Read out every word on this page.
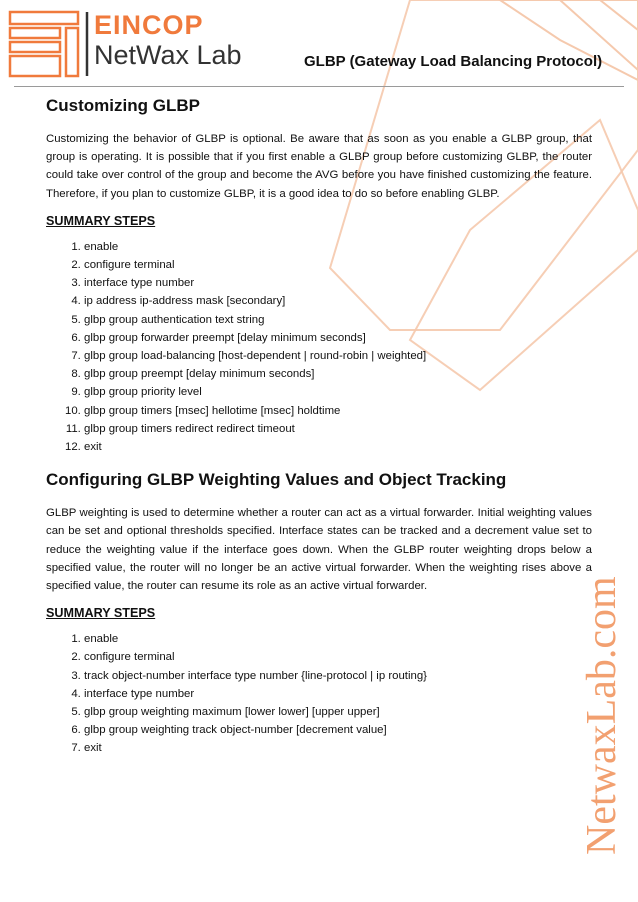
EINCOP
NetWax Lab	GLBP (Gateway Load Balancing Protocol)
NetwaxLab.com
Customizing GLBP

Customizing the behavior of GLBP is optional. Be aware that as soon as you enable a GLBP group, that group is operating. It is possible that if you first enable a GLBP group before customizing GLBP, the router could take over control of the group and become the AVG before you have finished customizing the feature. Therefore, if you plan to customize GLBP, it is a good idea to do so before enabling GLBP.

SUMMARY STEPS
1. enable
2. configure terminal
3. interface type number
4. ip address ip-address mask [secondary]
5. glbp group authentication text string
6. glbp group forwarder preempt [delay minimum seconds]
7. glbp group load-balancing [host-dependent | round-robin | weighted]
8. glbp group preempt [delay minimum seconds]
9. glbp group priority level
10. glbp group timers [msec] hellotime [msec] holdtime
11. glbp group timers redirect redirect timeout
12. exit
Configuring GLBP Weighting Values and Object Tracking

GLBP weighting is used to determine whether a router can act as a virtual forwarder. Initial weighting values can be set and optional thresholds specified. Interface states can be tracked and a decrement value set to reduce the weighting value if the interface goes down. When the GLBP router weighting drops below a specified value, the router will no longer be an active virtual forwarder. When the weighting rises above a specified value, the router can resume its role as an active virtual forwarder.

SUMMARY STEPS
1. enable
2. configure terminal
3. track object-number interface type number {line-protocol | ip routing}
4. interface type number
5. glbp group weighting maximum [lower lower] [upper upper]
6. glbp group weighting track object-number [decrement value]
7. exit
